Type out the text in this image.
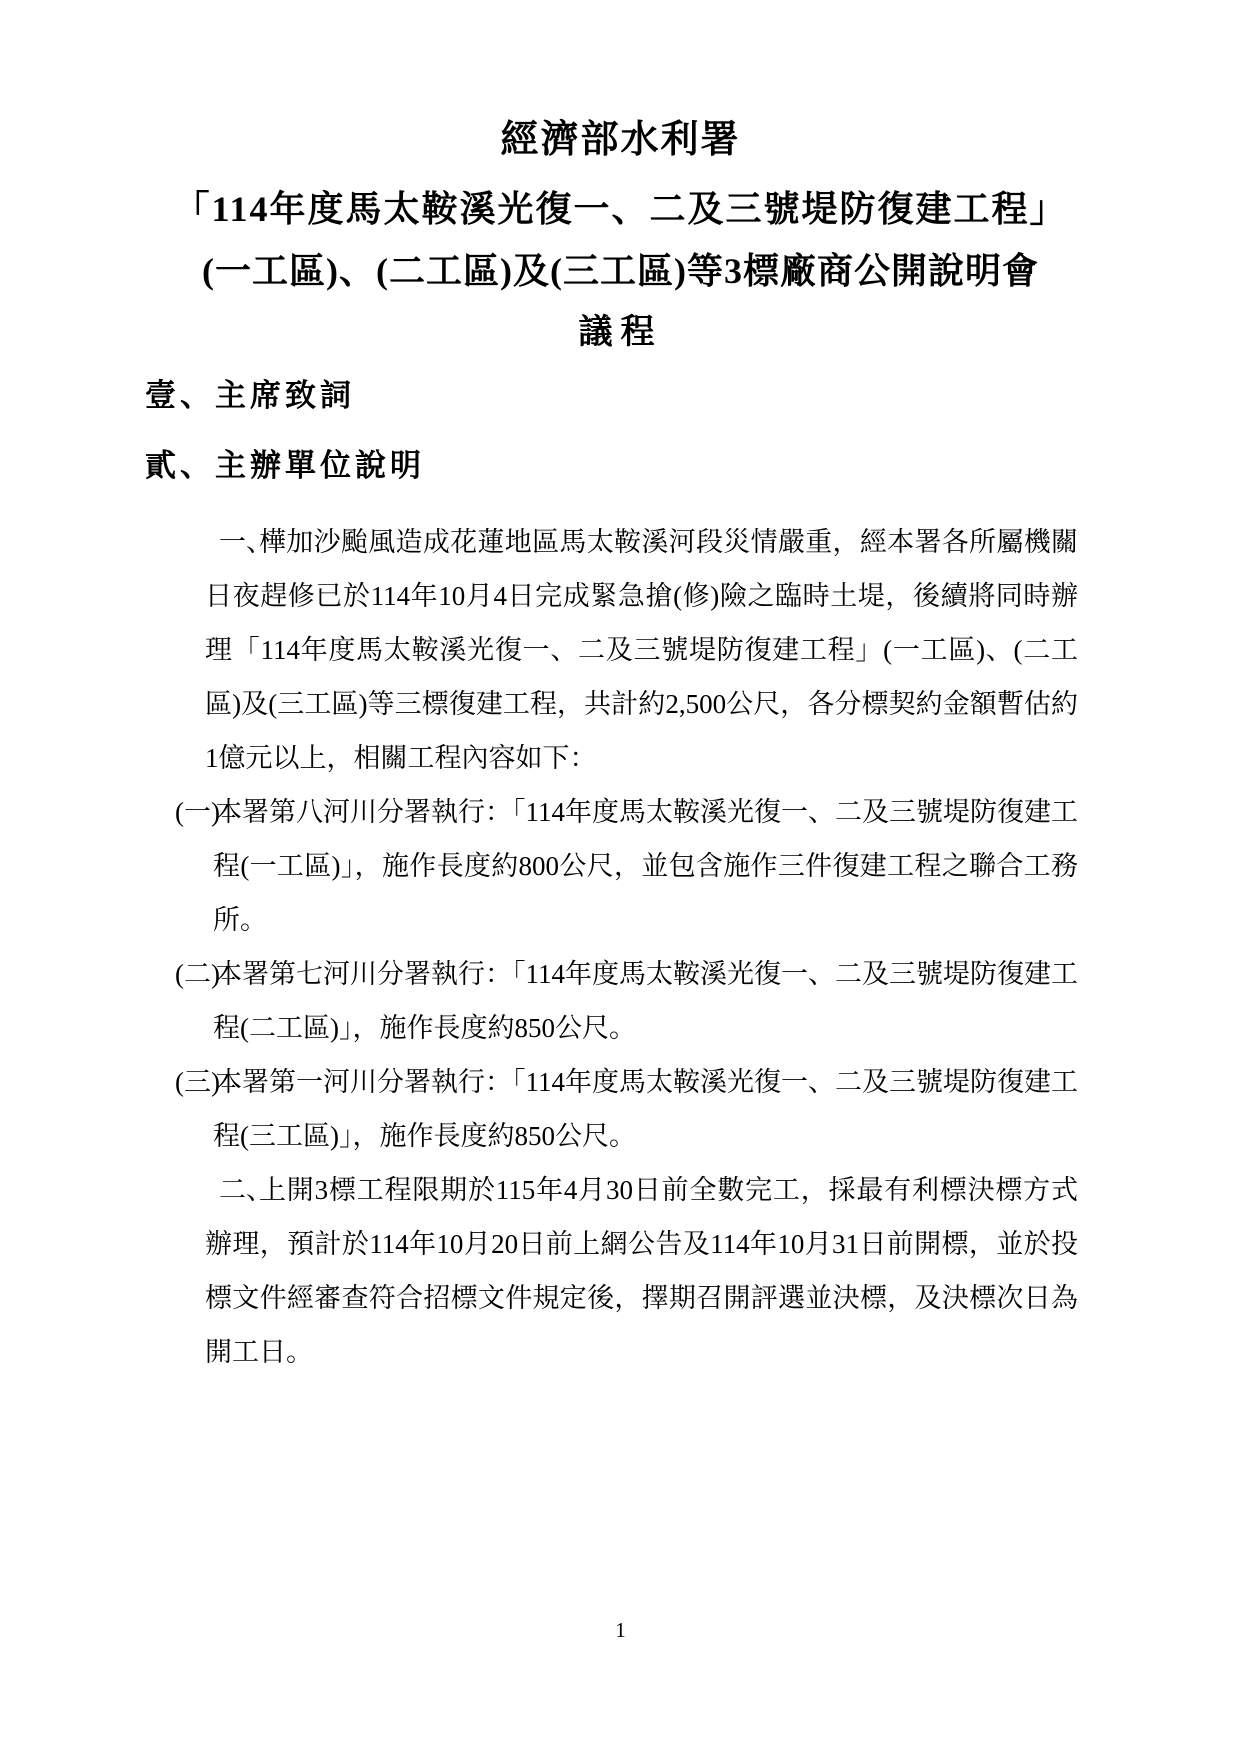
經濟部水利署
「114年度馬太鞍溪光復一、二及三號堤防復建工程」
(一工區)、(二工區)及(三工區)等3標廠商公開說明會
議程
壹、主席致詞
貳、主辦單位說明
一、
樺加沙颱風造成花蓮地區馬太鞍溪河段災情嚴重，經本署各所屬機關日夜趕修已於114年10月4日完成緊急搶(修)險之臨時土堤，後續將同時辦理「114年度馬太鞍溪光復一、二及三號堤防復建工程」(一工區)、(二工區)及(三工區)等三標復建工程，共計約2,500公尺，各分標契約金額暫估約1億元以上，相關工程內容如下：
(一)
本署第八河川分署執行：「114年度馬太鞍溪光復一、二及三號堤防復建工程(一工區)」，施作長度約800公尺，並包含施作三件復建工程之聯合工務所。
(二)
本署第七河川分署執行：「114年度馬太鞍溪光復一、二及三號堤防復建工程(二工區)」，施作長度約850公尺。
(三)
本署第一河川分署執行：「114年度馬太鞍溪光復一、二及三號堤防復建工程(三工區)」，施作長度約850公尺。
二、
上開3標工程限期於115年4月30日前全數完工，採最有利標決標方式辦理，預計於114年10月20日前上網公告及114年10月31日前開標，並於投標文件經審查符合招標文件規定後，擇期召開評選並決標，及決標次日為開工日。
1
